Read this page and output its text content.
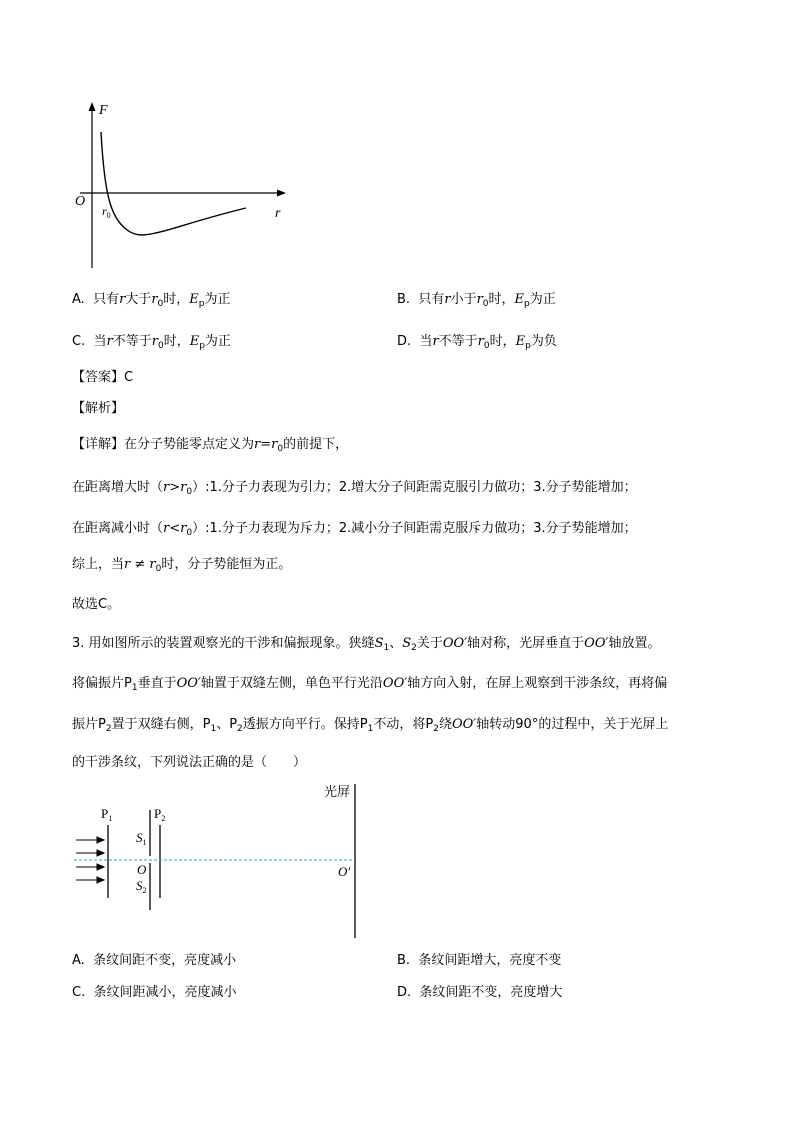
F
O
$r_0$	r
A. 只有r大于$r_0$时，$E_p$为正	B. 只有r小于$r_0$时，$E_p$为正
C. 当r不等于$r_0$时，$E_p$为正	D. 当r不等于$r_0$时，$E_p$为负
【答案】C
【解析】
【详解】在分子势能零点定义为$r=r_0$的前提下，
在距离增大时$(r>r_0):1$.分子力表现为引力；2.增大分子间距需克服引力做功；3.分子势能增加；
在距离减小时$(r<r_0):1$.分子力表现为斥力；2.减小分子间距需克服斥力做功；3.分子势能增加；
综上，当$r \ne r_0$时，分子势能恒为正。
故选C。
3. 用如图所示的装置观察光的干涉和偏振现象。狭缝$S_1$、$S_2$关于OO′轴对称，光屏垂直于OO′轴放置。
将偏振片$P_1$垂直于OO′轴置于双缝左侧，单色平行光沿OO′轴方向入射，在屏上观察到干涉条纹，再将偏
振片$P_2$置于双缝右侧，$P_1$、$P_2$透振方向平行。保持$P_1$不动，将$P_2$绕OO′轴转动90°的过程中，关于光屏上
的干涉条纹，下列说法正确的是（　　）
光屏
$P_1$	$P_2$
$S_1$
O
$S_2$
O′
A. 条纹间距不变，亮度减小	B. 条纹间距增大，亮度不变
C. 条纹间距减小，亮度减小	D. 条纹间距不变，亮度增大
